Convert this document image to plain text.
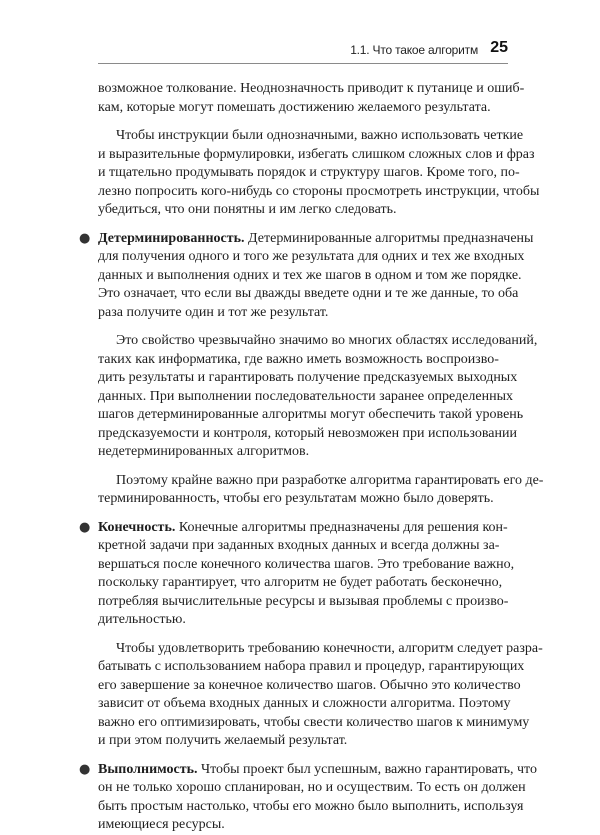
1.1. Что такое алгоритм 25
возможное толкование. Неоднозначность приводит к путанице и ошиб-
кам, которые могут помешать достижению желаемого результата.
Чтобы инструкции были однозначными, важно использовать четкие
и выразительные формулировки, избегать слишком сложных слов и фраз
и тщательно продумывать порядок и структуру шагов. Кроме того, по-
лезно попросить кого-нибудь со стороны просмотреть инструкции, чтобы
убедиться, что они понятны и им легко следовать.
● Детерминированность. Детерминированные алгоритмы предназначены
для получения одного и того же результата для одних и тех же входных
данных и выполнения одних и тех же шагов в одном и том же порядке.
Это означает, что если вы дважды введете одни и те же данные, то оба
раза получите один и тот же результат.
Это свойство чрезвычайно значимо во многих областях исследований,
таких как информатика, где важно иметь возможность воспроизво-
дить результаты и гарантировать получение предсказуемых выходных
данных. При выполнении последовательности заранее определенных
шагов детерминированные алгоритмы могут обеспечить такой уровень
предсказуемости и контроля, который невозможен при использовании
недетерминированных алгоритмов.
Поэтому крайне важно при разработке алгоритма гарантировать его де-
терминированность, чтобы его результатам можно было доверять.
● Конечность. Конечные алгоритмы предназначены для решения кон-
кретной задачи при заданных входных данных и всегда должны за-
вершаться после конечного количества шагов. Это требование важно,
поскольку гарантирует, что алгоритм не будет работать бесконечно,
потребляя вычислительные ресурсы и вызывая проблемы с произво-
дительностью.
Чтобы удовлетворить требованию конечности, алгоритм следует разра-
батывать с использованием набора правил и процедур, гарантирующих
его завершение за конечное количество шагов. Обычно это количество
зависит от объема входных данных и сложности алгоритма. Поэтому
важно его оптимизировать, чтобы свести количество шагов к минимуму
и при этом получить желаемый результат.
● Выполнимость. Чтобы проект был успешным, важно гарантировать, что
он не только хорошо спланирован, но и осуществим. То есть он должен
быть простым настолько, чтобы его можно было выполнить, используя
имеющиеся ресурсы.
